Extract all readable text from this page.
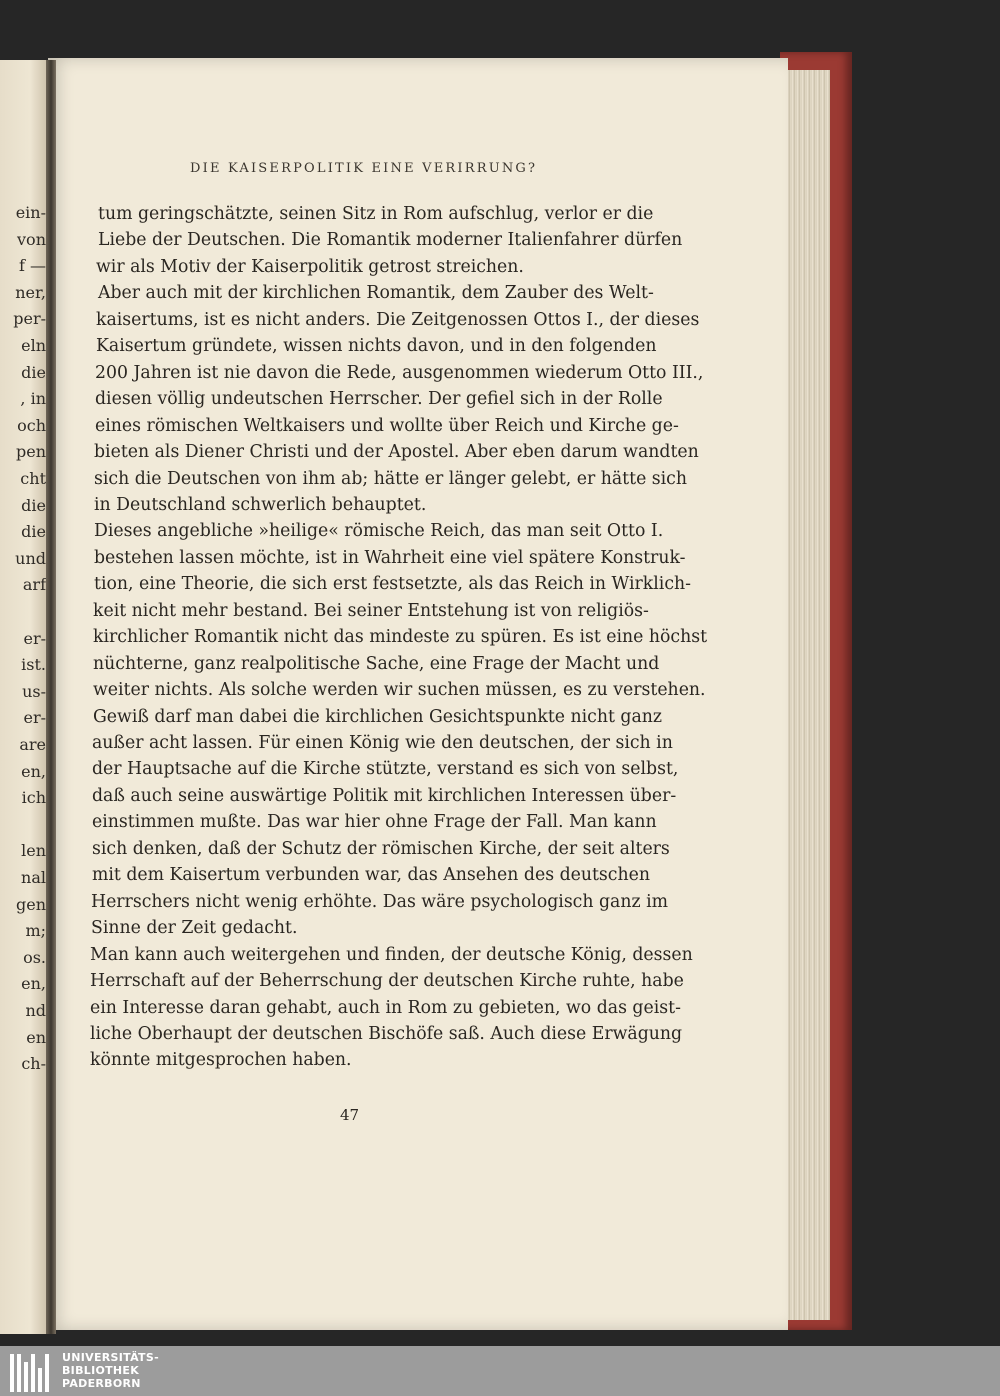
ein-
von
f —
ner,
per-
eln
die
, in
och
pen
cht
die
die
und
arf
er-
ist.
us-
er-
are
en,
ich
len
nal
gen
m;
os.
en,
nd
en
ch-
DIE KAISERPOLITIK EINE VERIRRUNG?
tum geringschätzte, seinen Sitz in Rom aufschlug, verlor er die
Liebe der Deutschen. Die Romantik moderner Italienfahrer dürfen
wir als Motiv der Kaiserpolitik getrost streichen.
Aber auch mit der kirchlichen Romantik, dem Zauber des Welt-
kaisertums, ist es nicht anders. Die Zeitgenossen Ottos I., der dieses
Kaisertum gründete, wissen nichts davon, und in den folgenden
200 Jahren ist nie davon die Rede, ausgenommen wiederum Otto III.,
diesen völlig undeutschen Herrscher. Der gefiel sich in der Rolle
eines römischen Weltkaisers und wollte über Reich und Kirche ge-
bieten als Diener Christi und der Apostel. Aber eben darum wandten
sich die Deutschen von ihm ab; hätte er länger gelebt, er hätte sich
in Deutschland schwerlich behauptet.
Dieses angebliche »heilige« römische Reich, das man seit Otto I.
bestehen lassen möchte, ist in Wahrheit eine viel spätere Konstruk-
tion, eine Theorie, die sich erst festsetzte, als das Reich in Wirklich-
keit nicht mehr bestand. Bei seiner Entstehung ist von religiös-
kirchlicher Romantik nicht das mindeste zu spüren. Es ist eine höchst
nüchterne, ganz realpolitische Sache, eine Frage der Macht und
weiter nichts. Als solche werden wir suchen müssen, es zu verstehen.
Gewiß darf man dabei die kirchlichen Gesichtspunkte nicht ganz
außer acht lassen. Für einen König wie den deutschen, der sich in
der Hauptsache auf die Kirche stützte, verstand es sich von selbst,
daß auch seine auswärtige Politik mit kirchlichen Interessen über-
einstimmen mußte. Das war hier ohne Frage der Fall. Man kann
sich denken, daß der Schutz der römischen Kirche, der seit alters
mit dem Kaisertum verbunden war, das Ansehen des deutschen
Herrschers nicht wenig erhöhte. Das wäre psychologisch ganz im
Sinne der Zeit gedacht.
Man kann auch weitergehen und finden, der deutsche König, dessen
Herrschaft auf der Beherrschung der deutschen Kirche ruhte, habe
ein Interesse daran gehabt, auch in Rom zu gebieten, wo das geist-
liche Oberhaupt der deutschen Bischöfe saß. Auch diese Erwägung
könnte mitgesprochen haben.
47
UNIVERSITÄTS-
BIBLIOTHEK
PADERBORN
